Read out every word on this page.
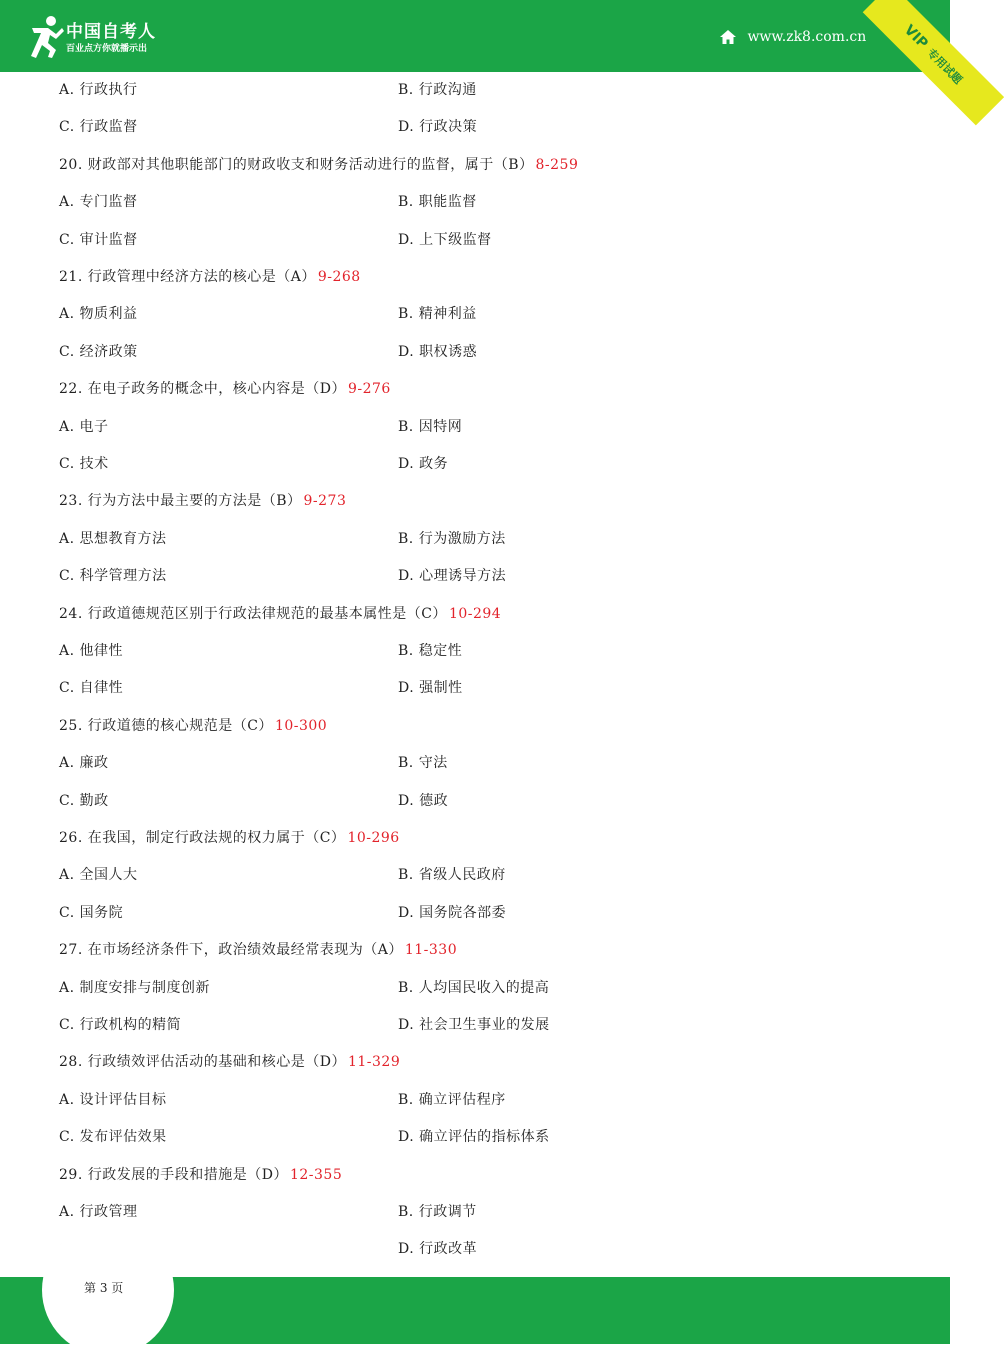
中国自考人
百业点方你就播示出
www.zk8.com.cn VIP
专用试题
A. 行政执行	B. 行政沟通
C. 行政监督	D. 行政决策
20. 财政部对其他职能部门的财政收支和财务活动进行的监督，属于（B） 8-259
A. 专门监督	B. 职能监督
C. 审计监督	D. 上下级监督
21. 行政管理中经济方法的核心是（A） 9-268
A. 物质利益	B. 精神利益
C. 经济政策	D. 职权诱惑
22. 在电子政务的概念中，核心内容是（D） 9-276
A. 电子	B. 因特网
C. 技术	D. 政务
23. 行为方法中最主要的方法是（B） 9-273
A. 思想教育方法	B. 行为激励方法
C. 科学管理方法	D. 心理诱导方法
24. 行政道德规范区别于行政法律规范的最基本属性是（C） 10-294
A. 他律性	B. 稳定性
C. 自律性	D. 强制性
25. 行政道德的核心规范是（C） 10-300
A. 廉政	B. 守法
C. 勤政	D. 德政
26. 在我国，制定行政法规的权力属于（C） 10-296
A. 全国人大	B. 省级人民政府
C. 国务院	D. 国务院各部委
27. 在市场经济条件下，政治绩效最经常表现为（A） 11-330
A. 制度安排与制度创新	B. 人均国民收入的提高
C. 行政机构的精简	D. 社会卫生事业的发展
28. 行政绩效评估活动的基础和核心是（D） 11-329
A. 设计评估目标	B. 确立评估程序
C. 发布评估效果	D. 确立评估的指标体系
29. 行政发展的手段和措施是（D） 12-355
A. 行政管理	B. 行政调节
D. 行政改革
第 3 页
